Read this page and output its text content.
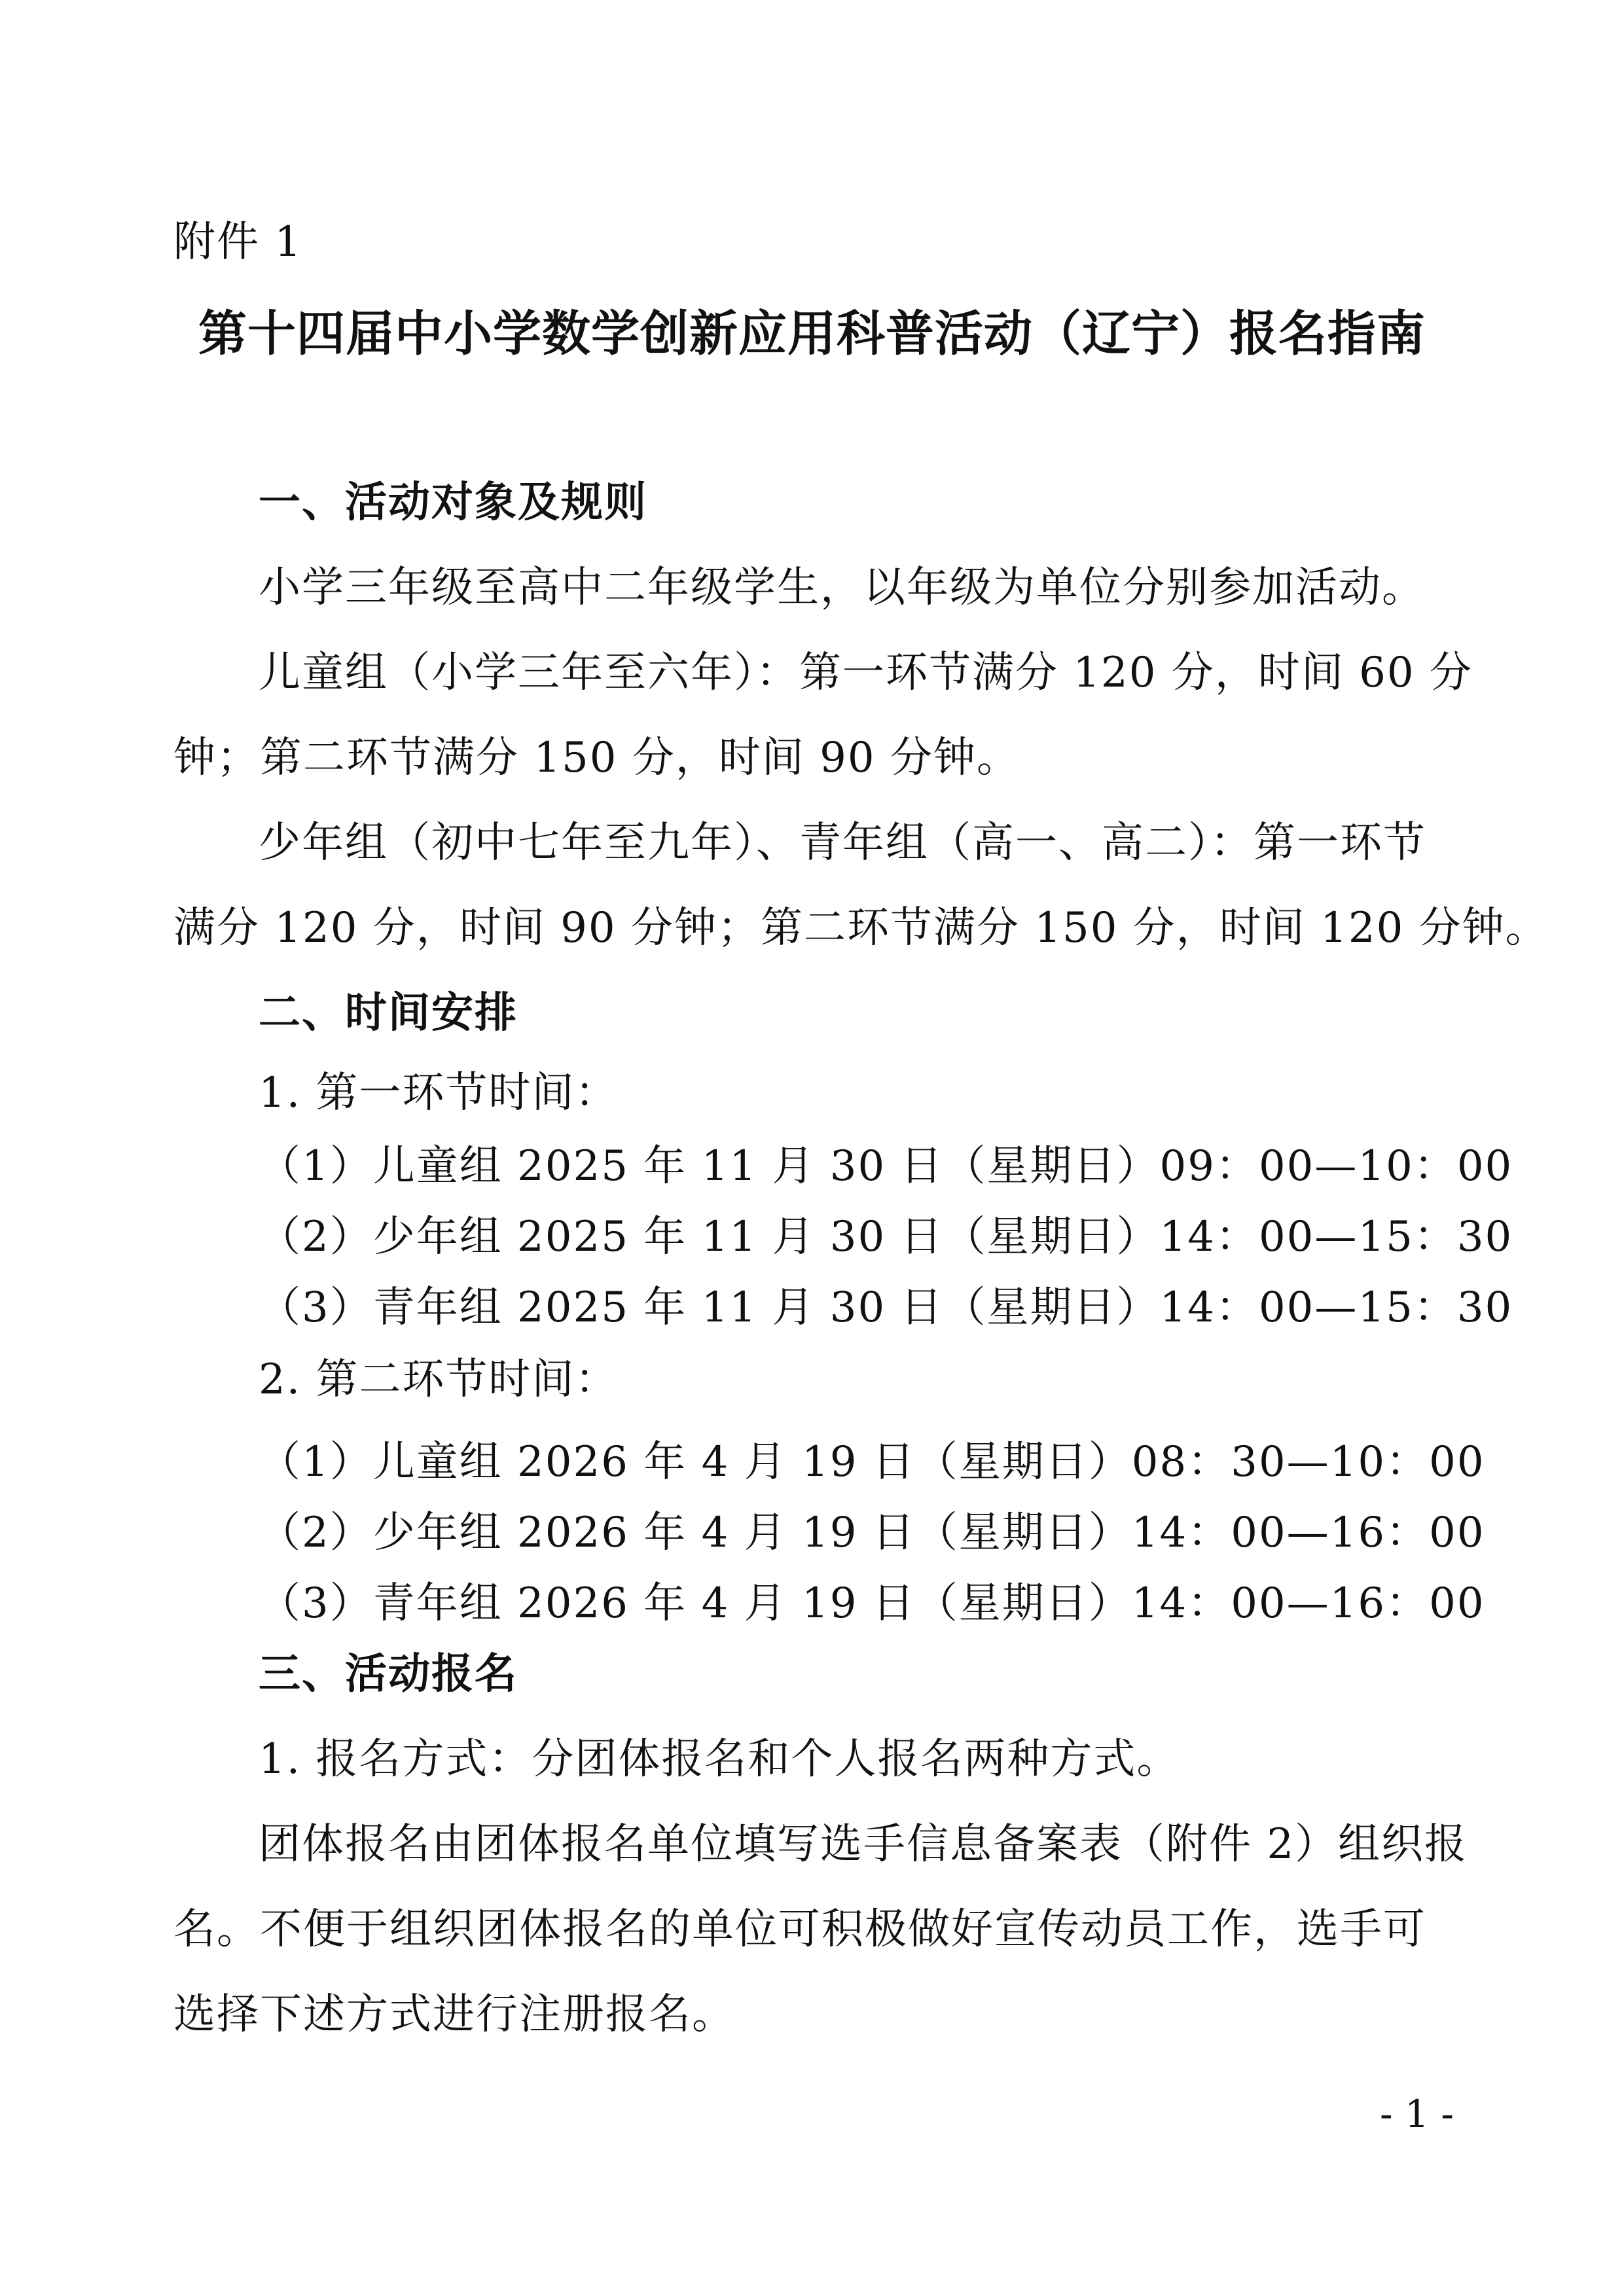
附件 1
第十四届中小学数学创新应用科普活动（辽宁）报名指南
一、活动对象及规则
小学三年级至高中二年级学生，以年级为单位分别参加活动。
儿童组（小学三年至六年）：第一环节满分 120 分，时间 60 分
钟；第二环节满分 150 分，时间 90 分钟。
少年组（初中七年至九年）、青年组（高一、高二）：第一环节
满分 120 分，时间 90 分钟；第二环节满分 150 分，时间 120 分钟。
二、时间安排
1. 第一环节时间：
（1）儿童组 2025 年 11 月 30 日（星期日）09：00—10：00
（2）少年组 2025 年 11 月 30 日（星期日）14：00—15：30
（3）青年组 2025 年 11 月 30 日（星期日）14：00—15：30
2. 第二环节时间：
（1）儿童组 2026 年 4 月 19 日（星期日）08：30—10：00
（2）少年组 2026 年 4 月 19 日（星期日）14：00—16：00
（3）青年组 2026 年 4 月 19 日（星期日）14：00—16：00
三、活动报名
1. 报名方式：分团体报名和个人报名两种方式。
团体报名由团体报名单位填写选手信息备案表（附件 2）组织报
名。不便于组织团体报名的单位可积极做好宣传动员工作，选手可
选择下述方式进行注册报名。
- 1 -
